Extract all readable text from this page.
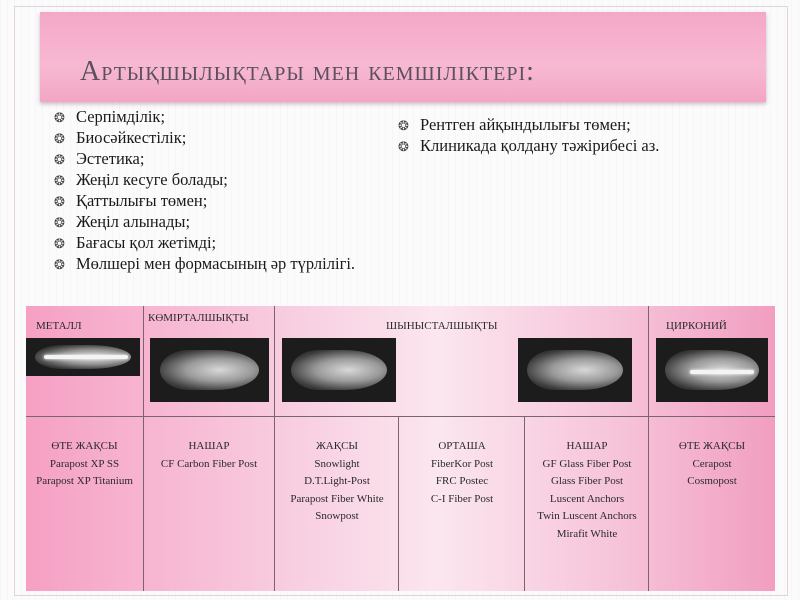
Артықшылықтары мен кемшіліктері:
❂ Серпімділік;
❂ Биосәйкестілік;
❂ Эстетика;
❂ Жеңіл кесуге болады;
❂ Қаттылығы төмен;
❂ Жеңіл алынады;
❂ Бағасы қол жетімді;
❂ Мөлшері мен формасының әр түрлілігі.
❂ Рентген айқындылығы төмен;
❂ Клиникада қолдану тәжірибесі аз.
МЕТАЛЛ
КӨМІРТАЛШЫҚТЫ
ШЫНЫСТАЛШЫҚТЫ	ЦИРКОНИЙ
ӨТЕ ЖАҚСЫ
Parapost XP SS
Parapost XP Titanium
НАШАР
CF Carbon Fiber Post
ЖАҚСЫ
Snowlight
D.T.Light-Post
Parapost Fiber White
Snowpost
ОРТАША
FiberKor Post
FRC Postec
C-I Fiber Post
НАШАР
GF Glass Fiber Post
Glass Fiber Post
Luscent Anchors
Twin Luscent Anchors
Mirafit White
ӨТЕ ЖАҚСЫ
Cerapost
Cosmopost
